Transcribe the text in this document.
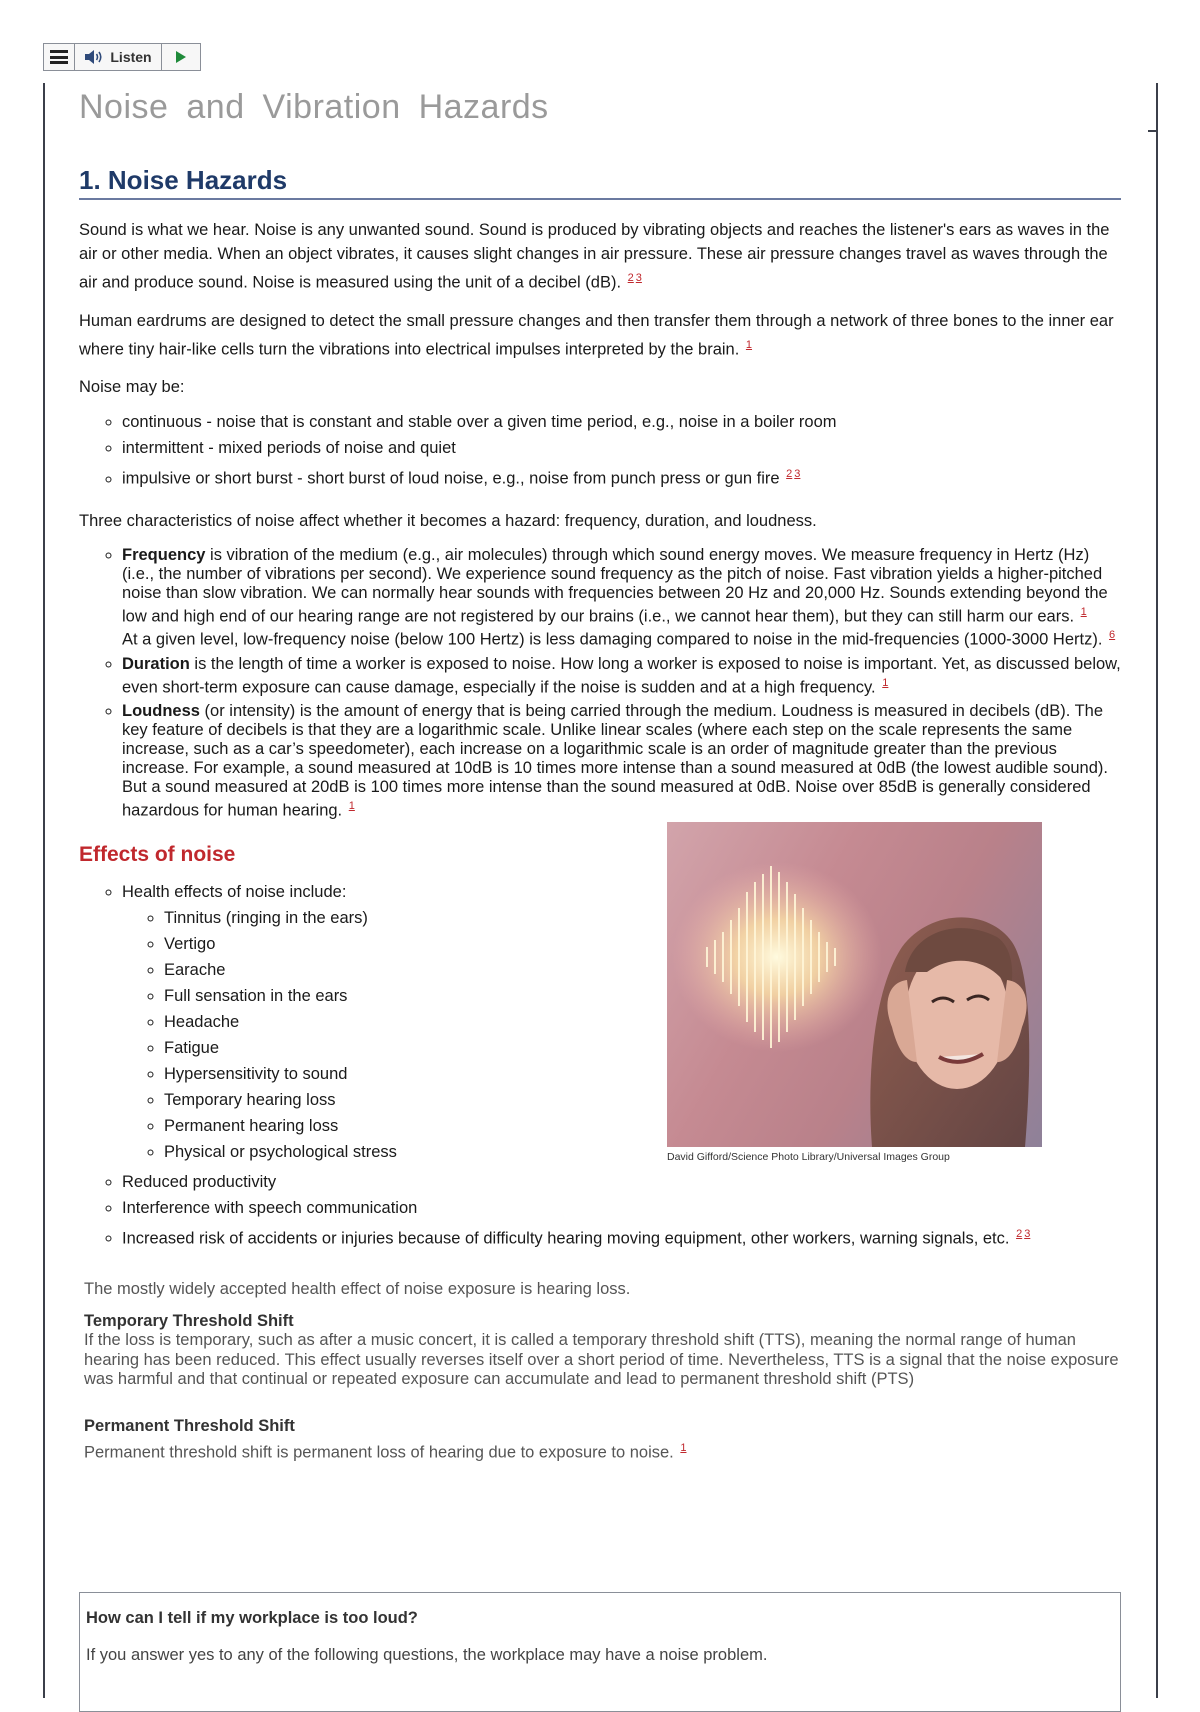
Listen
Noise and Vibration Hazards
1. Noise Hazards

Sound is what we hear. Noise is any unwanted sound. Sound is produced by vibrating objects and reaches the listener's ears as waves in the air or other media. When an object vibrates, it causes slight changes in air pressure. These air pressure changes travel as waves through the air and produce sound. Noise is measured using the unit of a decibel (dB). $^{2 3}$

Human eardrums are designed to detect the small pressure changes and then transfer them through a network of three bones to the inner ear where tiny hair-like cells turn the vibrations into electrical impulses interpreted by the brain. $^1$

Noise may be:

◦ continuous - noise that is constant and stable over a given time period, e.g., noise in a boiler room
◦ intermittent - mixed periods of noise and quiet
◦ impulsive or short burst - short burst of loud noise, e.g., noise from punch press or gun fire $^{2 3}$

Three characteristics of noise affect whether it becomes a hazard: frequency, duration, and loudness.

◦ Frequency is vibration of the medium (e.g., air molecules) through which sound energy moves. We measure frequency in Hertz (Hz) (i.e., the number of vibrations per second). We experience sound frequency as the pitch of noise. Fast vibration yields a higher-pitched noise than slow vibration. We can normally hear sounds with frequencies between 20 Hz and 20,000 Hz. Sounds extending beyond the low and high end of our hearing range are not registered by our brains (i.e., we cannot hear them), but they can still harm our ears. $^1$
At a given level, low-frequency noise (below 100 Hertz) is less damaging compared to noise in the mid-frequencies (1000-3000 Hertz). $^6$
◦ Duration is the length of time a worker is exposed to noise. How long a worker is exposed to noise is important. Yet, as discussed below, even short-term exposure can cause damage, especially if the noise is sudden and at a high frequency. $^1$
◦ Loudness (or intensity) is the amount of energy that is being carried through the medium. Loudness is measured in decibels (dB). The key feature of decibels is that they are a logarithmic scale. Unlike linear scales (where each step on the scale represents the same increase, such as a car’s speedometer), each increase on a logarithmic scale is an order of magnitude greater than the previous increase. For example, a sound measured at 10dB is 10 times more intense than a sound measured at 0dB (the lowest audible sound). But a sound measured at 20dB is 100 times more intense than the sound measured at 0dB. Noise over 85dB is generally considered hazardous for human hearing. $^1$
Effects of noise
◦ Health effects of noise include:
◦ Tinnitus (ringing in the ears)
◦ Vertigo
◦ Earache
◦ Full sensation in the ears
◦ Headache
◦ Fatigue
◦ Hypersensitivity to sound
◦ Temporary hearing loss
◦ Permanent hearing loss
◦ Physical or psychological stress
◦ Reduced productivity
◦ Interference with speech communication
◦ Increased risk of accidents or injuries because of difficulty hearing moving equipment, other workers, warning signals, etc. $^{2 3}$

The mostly widely accepted health effect of noise exposure is hearing loss.

Temporary Threshold Shift

If the loss is temporary, such as after a music concert, it is called a temporary threshold shift (TTS), meaning the normal range of human hearing has been reduced. This effect usually reverses itself over a short period of time. Nevertheless, TTS is a signal that the noise exposure was harmful and that continual or repeated exposure can accumulate and lead to permanent threshold shift (PTS)

Permanent Threshold Shift

Permanent threshold shift is permanent loss of hearing due to exposure to noise. $^1$

David Gifford/Science Photo Library/Universal Images Group
How can I tell if my workplace is too loud?
If you answer yes to any of the following questions, the workplace may have a noise problem.
